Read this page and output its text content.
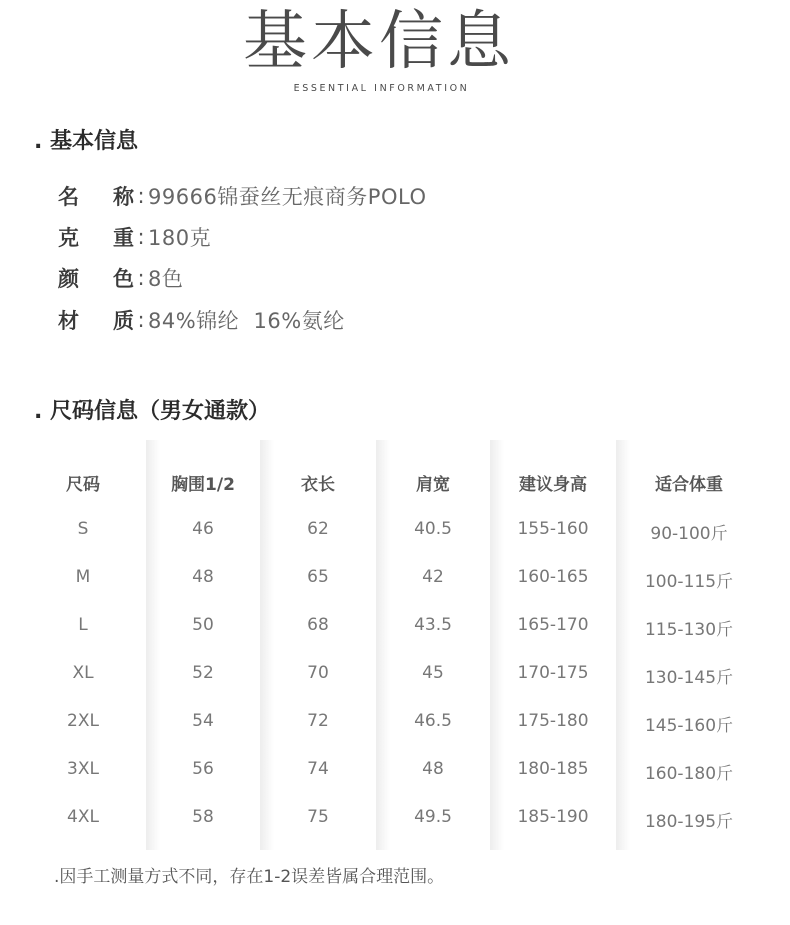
基本信息
ESSENTIAL INFORMATION
. 基本信息
名 称 : 99666锦蚕丝无痕商务POLO
克 重 : 180克
颜 色 : 8色
材 质 : 84%锦纶  16%氨纶
. 尺码信息（男女通款）
尺码
S
M
L
XL
2XL
3XL
4XL
胸围1/2
46
48
50
52
54
56
58
衣长
62
65
68
70
72
74
75
肩宽
40.5
42
43.5
45
46.5
48
49.5
建议身高
155-160
160-165
165-170
170-175
175-180
180-185
185-190
适合体重
90-100斤
100-115斤
115-130斤
130-145斤
145-160斤
160-180斤
180-195斤
.因手工测量方式不同，存在1-2误差皆属合理范围。
